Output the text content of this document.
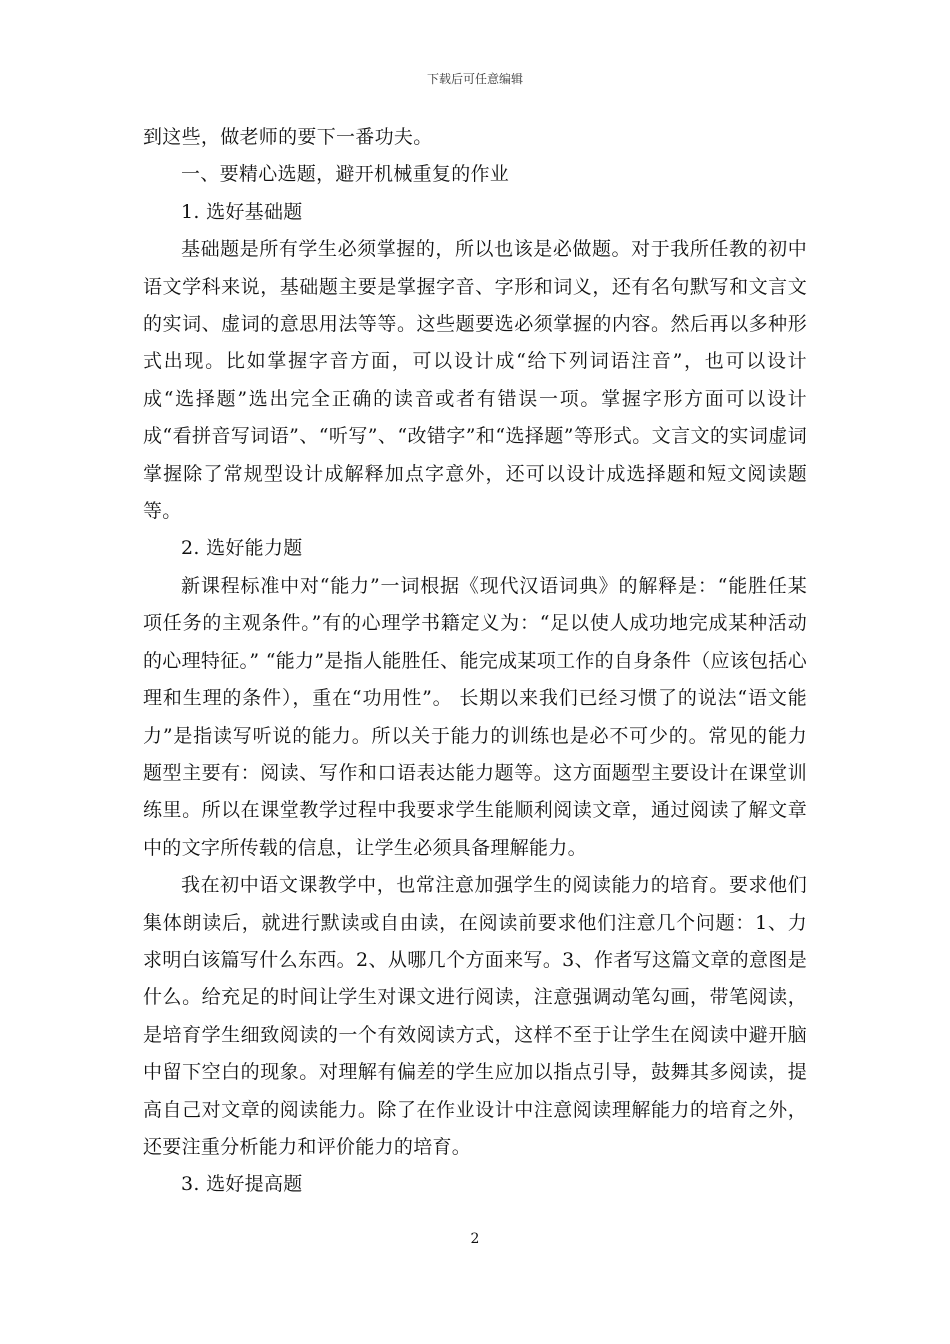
下载后可任意编辑

到这些，做老师的要下一番功夫。

一、要精心选题，避开机械重复的作业

1. 选好基础题

基础题是所有学生必须掌握的，所以也该是必做题。对于我所任教的初中语文学科来说，基础题主要是掌握字音、字形和词义，还有名句默写和文言文的实词、虚词的意思用法等等。这些题要选必须掌握的内容。然后再以多种形式出现。比如掌握字音方面，可以设计成“给下列词语注音”，也可以设计成“选择题”选出完全正确的读音或者有错误一项。掌握字形方面可以设计成“看拼音写词语”、“听写”、“改错字”和“选择题”等形式。文言文的实词虚词掌握除了常规型设计成解释加点字意外，还可以设计成选择题和短文阅读题等。

2. 选好能力题

新课程标准中对“能力”一词根据《现代汉语词典》的解释是：“能胜任某项任务的主观条件。”有的心理学书籍定义为：“足以使人成功地完成某种活动的心理特征。” “能力”是指人能胜任、能完成某项工作的自身条件（应该包括心理和生理的条件），重在“功用性”。 长期以来我们已经习惯了的说法“语文能力”是指读写听说的能力。所以关于能力的训练也是必不可少的。常见的能力题型主要有：阅读、写作和口语表达能力题等。这方面题型主要设计在课堂训练里。所以在课堂教学过程中我要求学生能顺利阅读文章，通过阅读了解文章中的文字所传载的信息，让学生必须具备理解能力。

我在初中语文课教学中，也常注意加强学生的阅读能力的培育。要求他们集体朗读后，就进行默读或自由读，在阅读前要求他们注意几个问题：1、力求明白该篇写什么东西。2、从哪几个方面来写。3、作者写这篇文章的意图是什么。给充足的时间让学生对课文进行阅读，注意强调动笔勾画，带笔阅读，是培育学生细致阅读的一个有效阅读方式，这样不至于让学生在阅读中避开脑中留下空白的现象。对理解有偏差的学生应加以指点引导，鼓舞其多阅读，提高自己对文章的阅读能力。除了在作业设计中注意阅读理解能力的培育之外，还要注重分析能力和评价能力的培育。

3. 选好提高题

2
